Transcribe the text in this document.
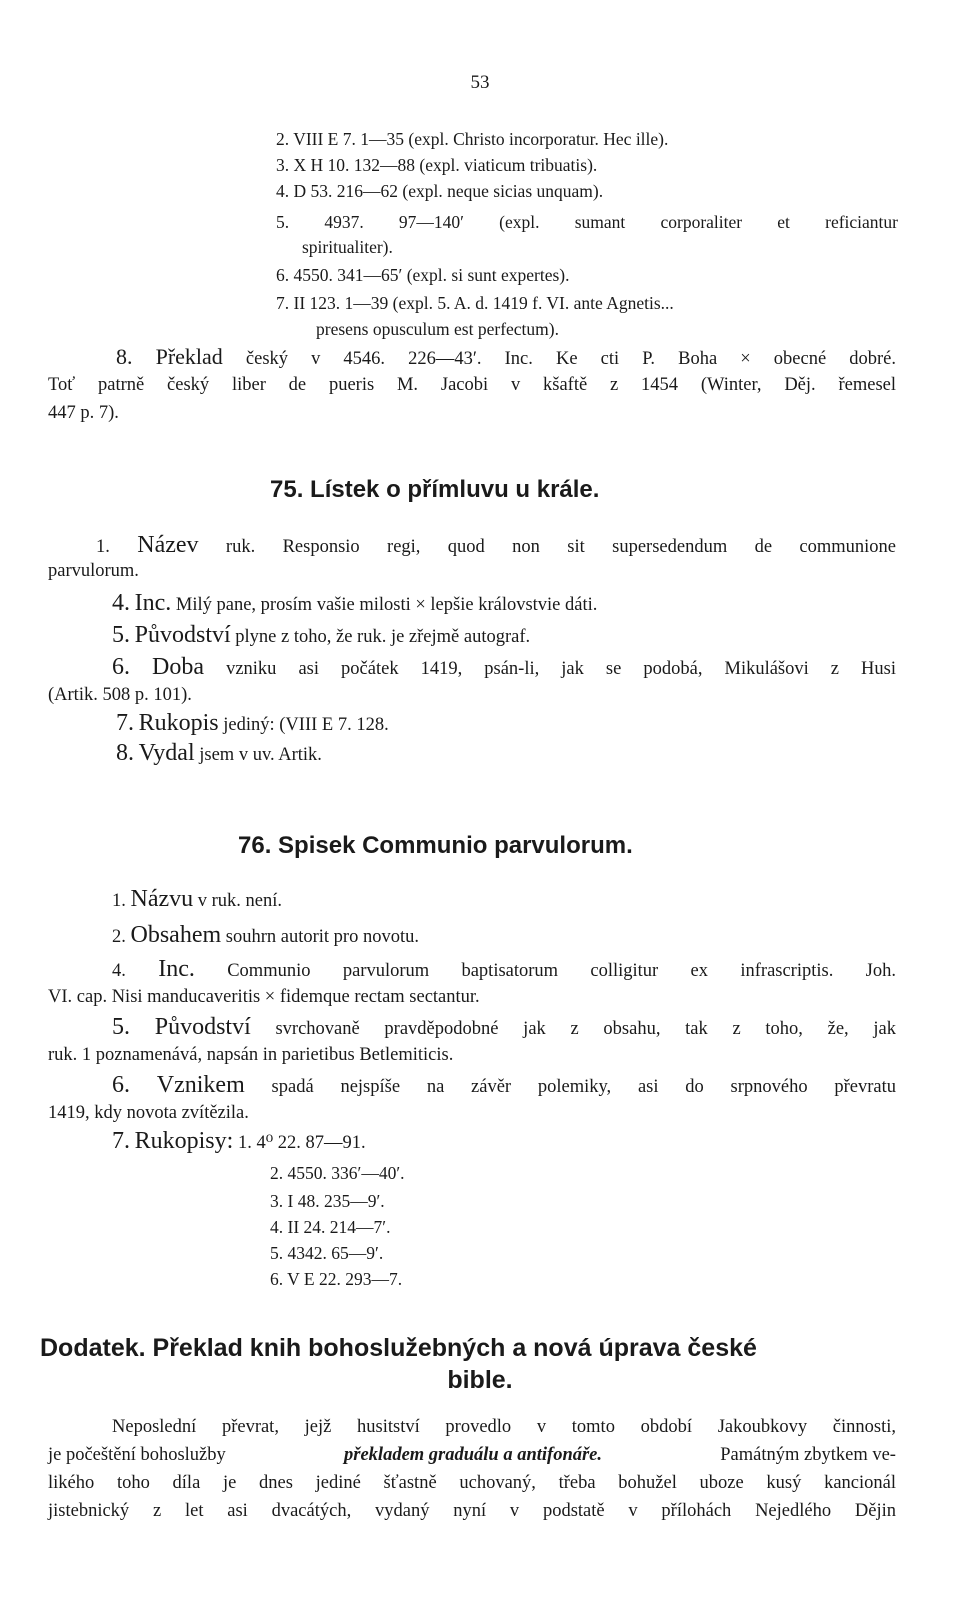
53
2. VIII E 7. 1—35 (expl. Christo incorporatur. Hec ille).
3. X H 10. 132—88 (expl. viaticum tribuatis).
4. D 53. 216—62 (expl. neque sicias unquam).
5. 4937. 97—140′ (expl. sumant corporaliter et reficiantur
spiritualiter).
6. 4550. 341—65′ (expl. si sunt expertes).
7. II 123. 1—39 (expl. 5. A. d. 1419 f. VI. ante Agnetis...
presens opusculum est perfectum).
8. Překlad český v 4546. 226—43′. Inc. Ke cti P. Boha × obecné dobré.
Toť patrně český liber de pueris M. Jacobi v kšaftě z 1454 (Winter, Děj. řemesel
447 p. 7).
75. Lístek o přímluvu u krále.
1. Název ruk. Responsio regi, quod non sit supersedendum de communione
parvulorum.
4. Inc. Milý pane, prosím vašie milosti × lepšie královstvie dáti.
5. Původství plyne z toho, že ruk. je zřejmě autograf.
6. Doba vzniku asi počátek 1419, psán-li, jak se podobá, Mikulášovi z Husi
(Artik. 508 p. 101).
7. Rukopis jediný: (VIII E 7. 128.
8. Vydal jsem v uv. Artik.
76. Spisek Communio parvulorum.
1. Názvu v ruk. není.
2. Obsahem souhrn autorit pro novotu.
4. Inc. Communio parvulorum baptisatorum colligitur ex infrascriptis. Joh.
VI. cap. Nisi manducaveritis × fidemque rectam sectantur.
5. Původství svrchovaně pravděpodobné jak z obsahu, tak z toho, že, jak
ruk. 1 poznamenává, napsán in parietibus Betlemiticis.
6. Vznikem spadá nejspíše na závěr polemiky, asi do srpnového převratu
1419, kdy novota zvítězila.
7. Rukopisy: 1. 4⁰ 22. 87—91.
2. 4550. 336′—40′.
3. I 48. 235—9′.
4. II 24. 214—7′.
5. 4342. 65—9′.
6. V E 22. 293—7.
Dodatek. Překlad knih bohoslužebných a nová úprava české
bible.
Neposlední převrat, jejž husitství provedlo v tomto období Jakoubkovy činnosti,
je počeštění bohoslužby	překladem graduálu a antifonáře.	Památným zbytkem ve-
likého toho díla je dnes jediné šťastně uchovaný, třeba bohužel uboze kusý kancionál
jistebnický z let asi dvacátých, vydaný nyní v podstatě v přílohách Nejedlého Dějin
